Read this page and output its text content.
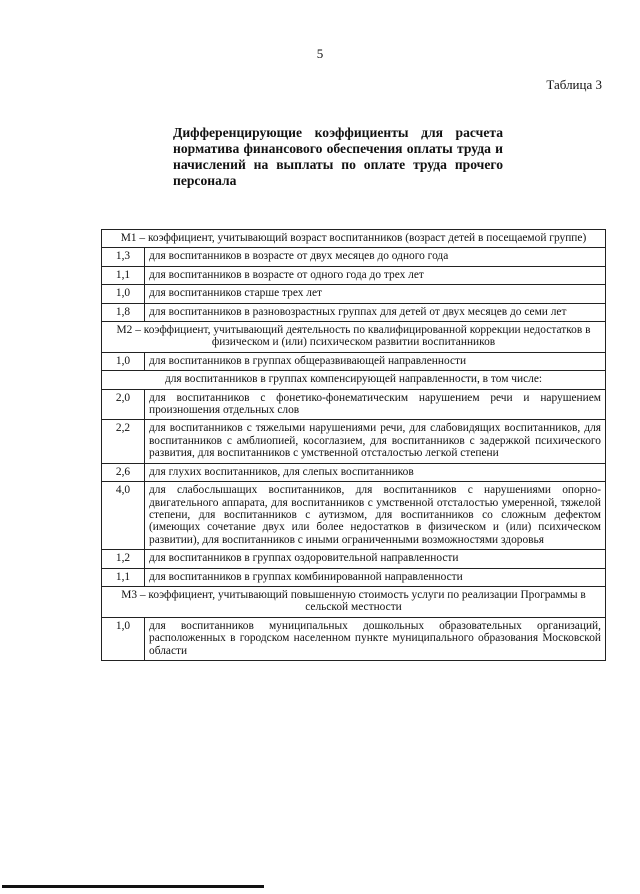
5
Таблица 3
Дифференцирующие коэффициенты для расчета норматива финансового обеспечения оплаты труда и начислений на выплаты по оплате труда прочего персонала
M1 – коэффициент, учитывающий возраст воспитанников (возраст детей в посещаемой группе)	
1,3	для воспитанников в возрасте от двух месяцев до одного года
1,1	для воспитанников в возрасте от одного года до трех лет
1,0	для воспитанников старше трех лет
1,8	для воспитанников в разновозрастных группах для детей от двух месяцев до семи лет
M2 – коэффициент, учитывающий деятельность по квалифицированной коррекции недостатков в физическом и (или) психическом развитии воспитанников	
1,0	для воспитанников в группах общеразвивающей направленности
для воспитанников в группах компенсирующей направленности, в том числе:	
2,0	для воспитанников с фонетико-фонематическим нарушением речи и нарушением произношения отдельных слов
2,2	для воспитанников с тяжелыми нарушениями речи, для слабовидящих воспитанников, для воспитанников с амблиопией, косоглазием, для воспитанников с задержкой психического развития, для воспитанников с умственной отсталостью легкой степени
2,6	для глухих воспитанников, для слепых воспитанников
4,0	для слабослышащих воспитанников, для воспитанников с нарушениями опорно-двигательного аппарата, для воспитанников с умственной отсталостью умеренной, тяжелой степени, для воспитанников с аутизмом, для воспитанников со сложным дефектом (имеющих сочетание двух или более недостатков в физическом и (или) психическом развитии), для воспитанников с иными ограниченными возможностями здоровья
1,2	для воспитанников в группах оздоровительной направленности
1,1	для воспитанников в группах комбинированной направленности
M3 – коэффициент, учитывающий повышенную стоимость услуги по реализации Программы в сельской местности	
1,0	для воспитанников муниципальных дошкольных образовательных организаций, расположенных в городском населенном пункте муниципального образования Московской области
